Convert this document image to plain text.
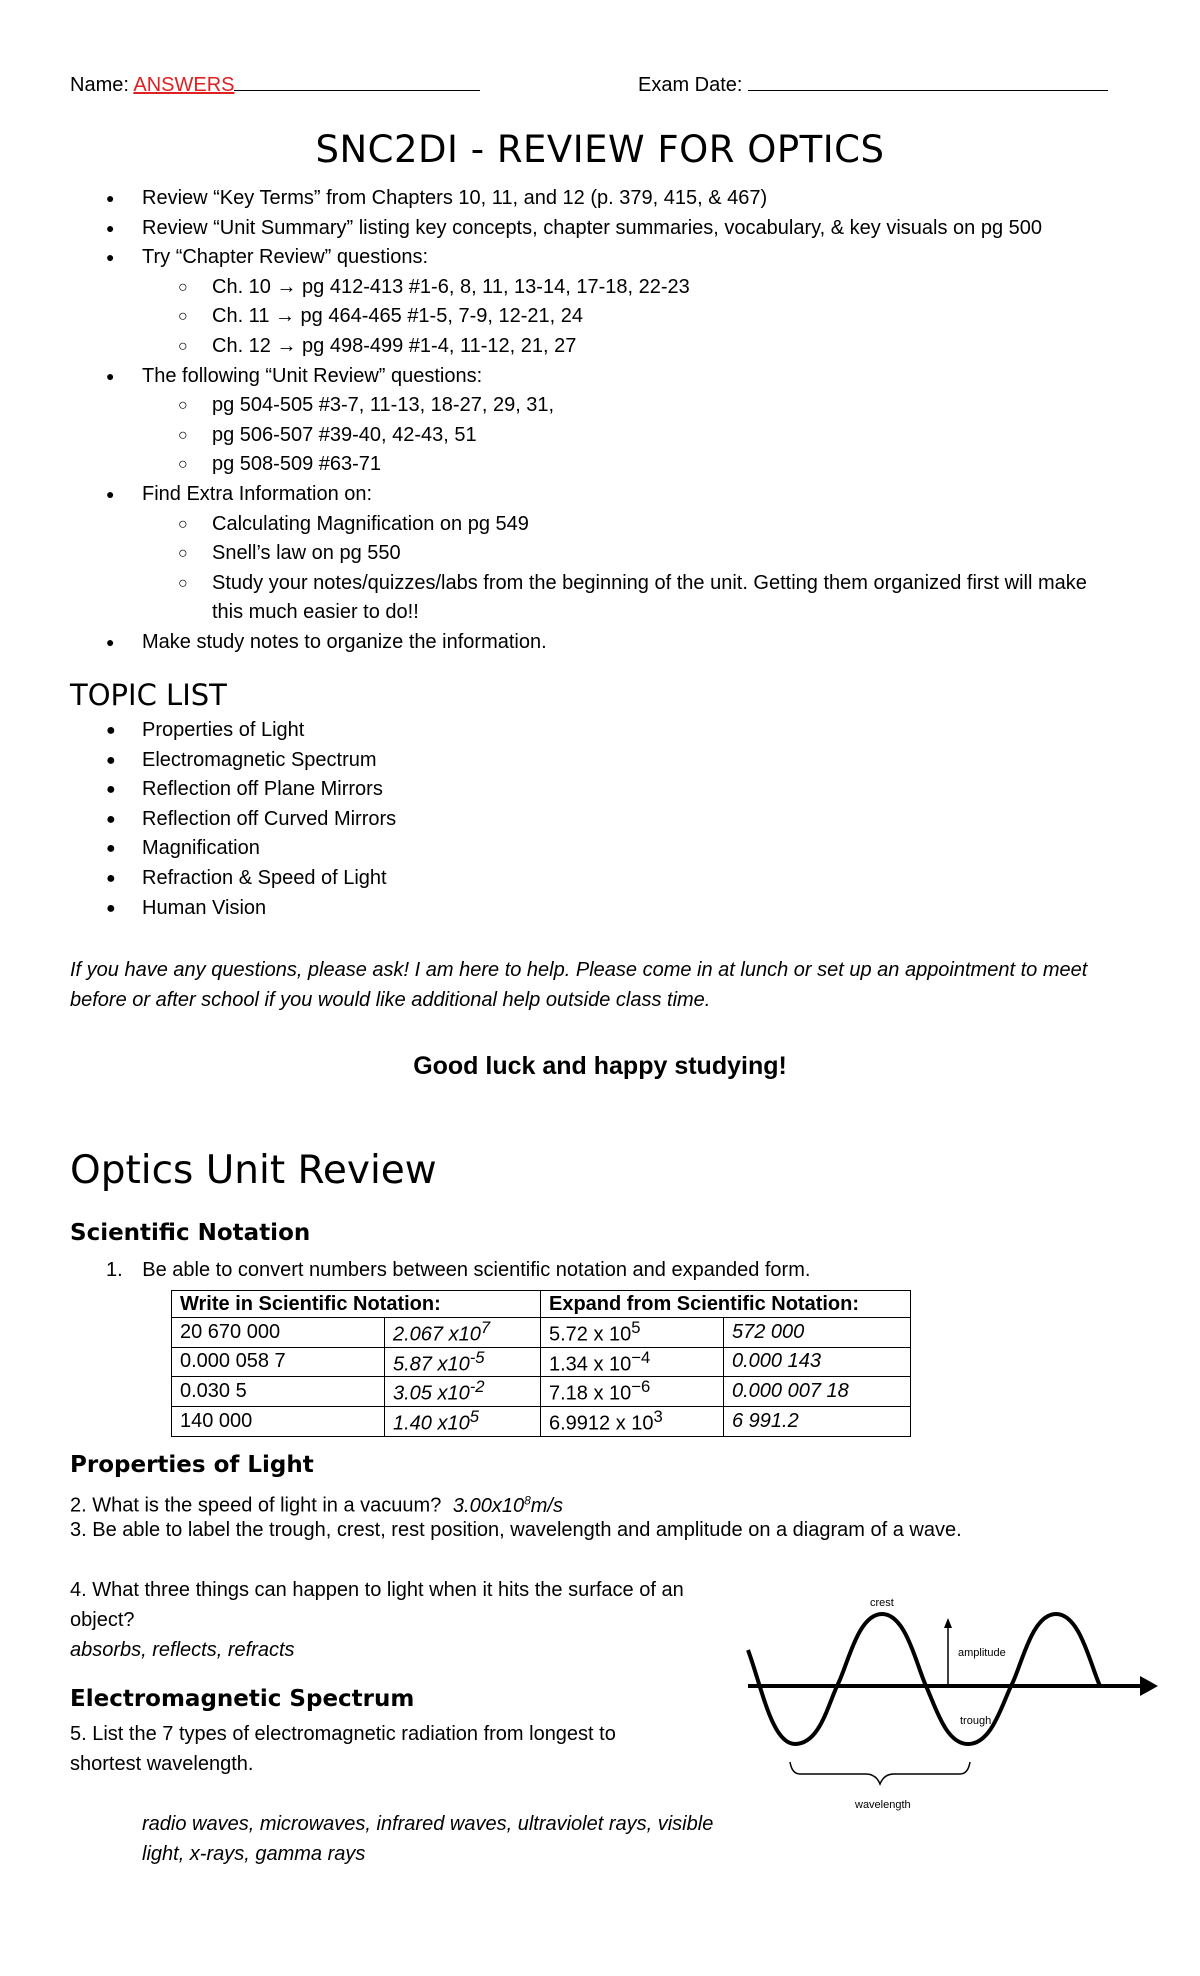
Name: ANSWERS	Exam Date:
SNC2DI - REVIEW FOR OPTICS
● Review “Key Terms” from Chapters 10, 11, and 12 (p. 379, 415, & 467)
● Review “Unit Summary” listing key concepts, chapter summaries, vocabulary, & key visuals on pg 500
● Try “Chapter Review” questions:
○ Ch. 10 → pg 412-413 #1-6, 8, 11, 13-14, 17-18, 22-23
○ Ch. 11 → pg 464-465 #1-5, 7-9, 12-21, 24
○ Ch. 12 → pg 498-499 #1-4, 11-12, 21, 27
● The following “Unit Review” questions:
○ pg 504-505 #3-7, 11-13, 18-27, 29, 31,
○ pg 506-507 #39-40, 42-43, 51
○ pg 508-509 #63-71
● Find Extra Information on:
○ Calculating Magnification on pg 549
○ Snell’s law on pg 550
○ Study your notes/quizzes/labs from the beginning of the unit. Getting them organized first will make this much easier to do!!
● Make study notes to organize the information.
TOPIC LIST
● Properties of Light
● Electromagnetic Spectrum
● Reflection off Plane Mirrors
● Reflection off Curved Mirrors
● Magnification
● Refraction & Speed of Light
● Human Vision
If you have any questions, please ask! I am here to help. Please come in at lunch or set up an appointment to meet before or after school if you would like additional help outside class time.
Good luck and happy studying!
Optics Unit Review
Scientific Notation
1. Be able to convert numbers between scientific notation and expanded form.
Write in Scientific Notation:		Expand from Scientific Notation:	
20 670 000	2.067 $x10^7$	5.72 x $10^5$	572 000
0.000 058 7	5.87 $x10^{-5}$	1.34 x $10^{-4}$	0.000 143
0.030 5	3.05 $x10^{-2}$	7.18 x $10^{-6}$	0.000 007 18
140 000	1.40 $x10^5$	6.9912 x $10^3$	6 991.2
Properties of Light
2. What is the speed of light in a vacuum? $3.00x10^8m/s$
3. Be able to label the trough, crest, rest position, wavelength and amplitude on a diagram of a wave.
4. What three things can happen to light when it hits the surface of an object?
absorbs, reflects, refracts
Electromagnetic Spectrum
5. List the 7 types of electromagnetic radiation from longest to shortest wavelength.
radio waves, microwaves, infrared waves, ultraviolet rays, visible light, x-rays, gamma rays
amplitude
crest
trough
wavelength
